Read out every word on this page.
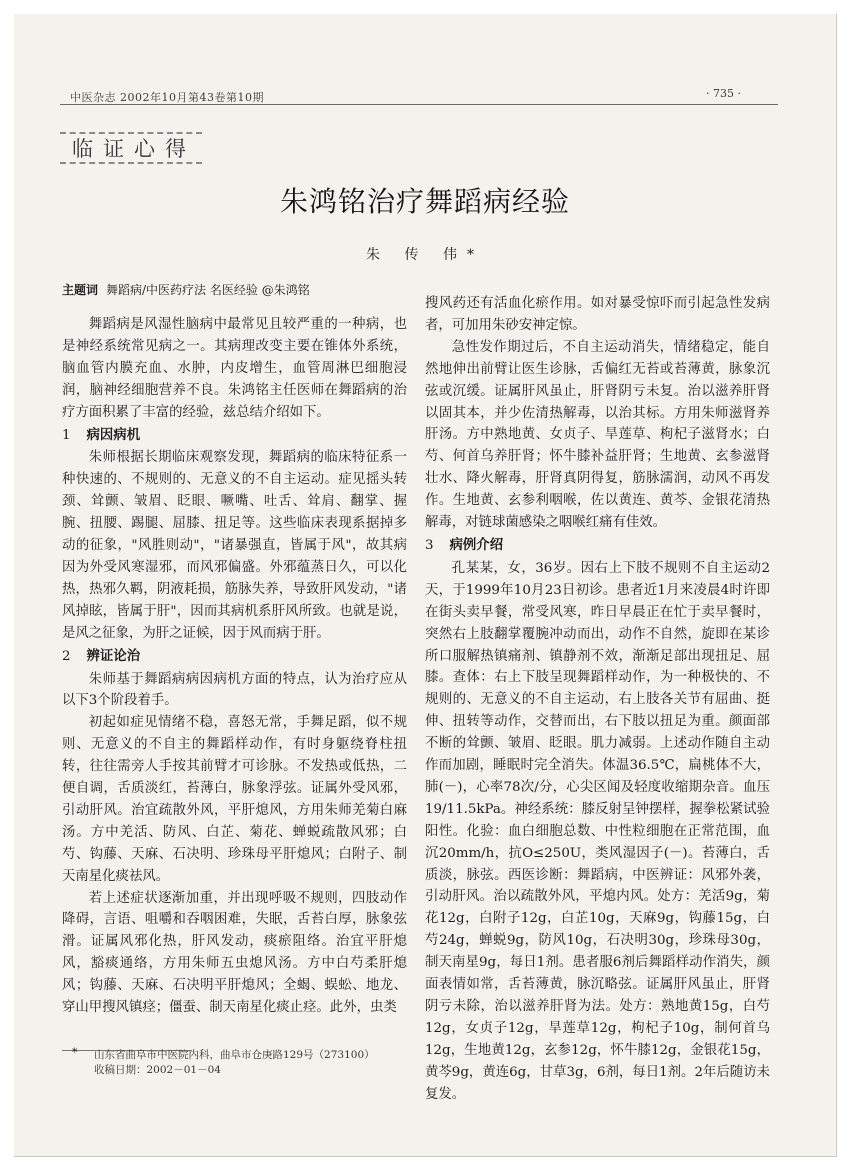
中医杂志 2002年10月第43卷第10期	· 735 ·
临证心得
朱鸿铭治疗舞蹈病经验
朱 传 伟*
主题词 舞蹈病/中医药疗法 名医经验 @朱鸿铭

舞蹈病是风湿性脑病中最常见且较严重的一种病，也是神经系统常见病之一。其病理改变主要在锥体外系统，脑血管内膜充血、水肿，内皮增生，血管周淋巴细胞浸润，脑神经细胞营养不良。朱鸿铭主任医师在舞蹈病的治疗方面积累了丰富的经验，兹总结介绍如下。

1 病因病机

朱师根据长期临床观察发现，舞蹈病的临床特征系一种快速的、不规则的、无意义的不自主运动。症见摇头转颈、耸颤、皱眉、眨眼、噘嘴、吐舌、耸肩、翻掌、握腕、扭腰、踢腿、屈膝、扭足等。这些临床表现系据掉多动的征象，"风胜则动"，"诸暴强直，皆属于风"，故其病因为外受风寒湿邪，而风邪偏盛。外邪蕴蒸日久，可以化热，热邪久羁，阴液耗损，筋脉失养，导致肝风发动，"诸风掉眩，皆属于肝"，因而其病机系肝风所致。也就是说，是风之征象，为肝之证候，因于风而病于肝。

2 辨证论治

朱师基于舞蹈病病因病机方面的特点，认为治疗应从以下3个阶段着手。

初起如症见情绪不稳，喜怒无常，手舞足蹈，似不规则、无意义的不自主的舞蹈样动作，有时身躯绕脊柱扭转，往往需旁人手按其前臂才可诊脉。不发热或低热，二便自调，舌质淡红，苔薄白，脉象浮弦。证属外受风邪，引动肝风。治宜疏散外风，平肝熄风，方用朱师羌菊白麻汤。方中羌活、防风、白芷、菊花、蝉蜕疏散风邪；白芍、钩藤、天麻、石决明、珍珠母平肝熄风；白附子、制天南星化痰祛风。

若上述症状逐渐加重，并出现呼吸不规则，四肢动作降碍，言语、咀嚼和吞咽困难，失眠，舌苔白厚，脉象弦滑。证属风邪化热，肝风发动，痰瘀阻络。治宜平肝熄风，豁痰通络，方用朱师五虫熄风汤。方中白芍柔肝熄风；钩藤、天麻、石决明平肝熄风；全蝎、蜈蚣、地龙、穿山甲搜风镇痉；僵蚕、制天南星化痰止痉。此外，虫类

搜风药还有活血化瘀作用。如对暴受惊吓而引起急性发病者，可加用朱砂安神定惊。

急性发作期过后，不自主运动消失，情绪稳定，能自然地伸出前臂让医生诊脉，舌偏红无苔或苔薄黄，脉象沉弦或沉缓。证属肝风虽止，肝肾阴亏未复。治以滋养肝肾以固其本，并少佐清热解毒，以治其标。方用朱师滋肾养肝汤。方中熟地黄、女贞子、旱莲草、枸杞子滋肾水；白芍、何首乌养肝肾；怀牛膝补益肝肾；生地黄、玄参滋肾壮水、降火解毒，肝肾真阴得复，筋脉濡润，动风不再发作。生地黄、玄参利咽喉，佐以黄连、黄芩、金银花清热解毒，对链球菌感染之咽喉红痛有佳效。

3 病例介绍

孔某某，女，36岁。因右上下肢不规则不自主运动2天，于1999年10月23日初诊。患者近1月来凌晨4时许即在街头卖早餐，常受风寒，昨日早晨正在忙于卖早餐时，突然右上肢翻掌覆腕冲动而出，动作不自然，旋即在某诊所口服解热镇痛剂、镇静剂不效，渐渐足部出现扭足、屈膝。查体：右上下肢呈现舞蹈样动作，为一种极快的、不规则的、无意义的不自主运动，右上肢各关节有屈曲、挺伸、扭转等动作，交替而出，右下肢以扭足为重。颜面部不断的耸颤、皱眉、眨眼。肌力减弱。上述动作随自主动作而加剧，睡眠时完全消失。体温36.5℃，扁桃体不大，肺(－)，心率78次/分，心尖区闻及轻度收缩期杂音。血压19/11.5kPa。神经系统：膝反射呈钟摆样，握拳松紧试验阳性。化验：血白细胞总数、中性粒细胞在正常范围，血沉20mm/h，抗O≤250U，类风湿因子(－)。苔薄白，舌质淡，脉弦。西医诊断：舞蹈病，中医辨证：风邪外袭，引动肝风。治以疏散外风，平熄内风。处方：羌活9g，菊花12g，白附子12g，白芷10g，天麻9g，钩藤15g，白芍24g，蝉蜕9g，防风10g，石决明30g，珍珠母30g，制天南星9g，每日1剂。患者服6剂后舞蹈样动作消失，颜面表情如常，舌苔薄黄，脉沉略弦。证属肝风虽止，肝肾阴亏未除，治以滋养肝肾为法。处方：熟地黄15g，白芍12g，女贞子12g，旱莲草12g，枸杞子10g，制何首乌12g，生地黄12g，玄参12g，怀牛膝12g，金银花15g，黄芩9g，黄连6g，甘草3g，6剂，每日1剂。2年后随访未复发。

* 山东省曲阜市中医院内科，曲阜市仓庚路129号（273100）
收稿日期：2002－01－04
